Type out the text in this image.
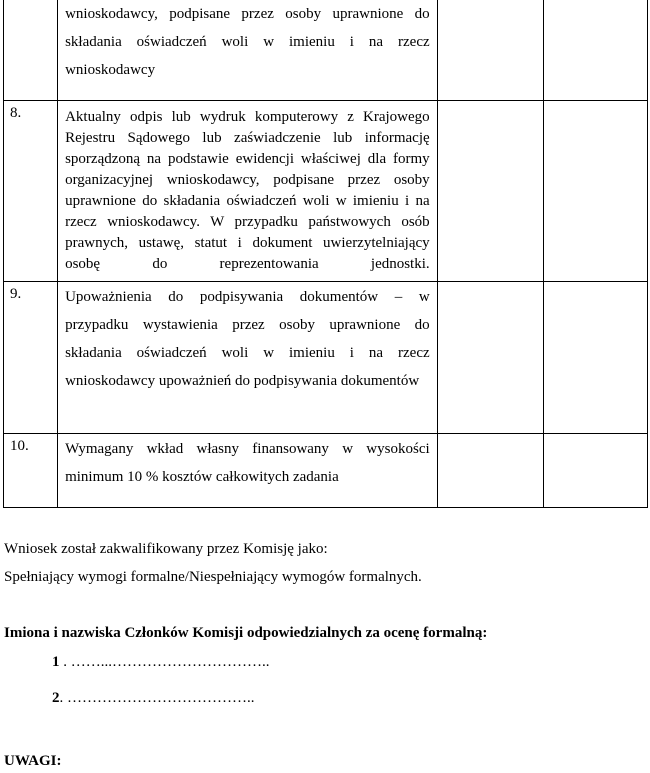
	wnioskodawcy, podpisane przez osoby uprawnione do składania oświadczeń woli w imieniu i na rzecz wnioskodawcy		

8.	Aktualny odpis lub wydruk komputerowy z Krajowego Rejestru Sądowego lub zaświadczenie lub informację sporządzoną na podstawie ewidencji właściwej dla formy organizacyjnej wnioskodawcy, podpisane przez osoby uprawnione do składania oświadczeń woli w imieniu i na rzecz wnioskodawcy. W przypadku państwowych osób prawnych, ustawę, statut i dokument uwierzytelniający osobę do reprezentowania jednostki.		

9.	Upoważnienia do podpisywania dokumentów – w przypadku wystawienia przez osoby uprawnione do składania oświadczeń woli w imieniu i na rzecz wnioskodawcy upoważnień do podpisywania dokumentów		

10.	Wymagany wkład własny finansowany w wysokości minimum 10 % kosztów całkowitych zadania		

Wniosek został zakwalifikowany przez Komisję jako:

Spełniający wymogi formalne/Niespełniający wymogów formalnych.

Imiona i nazwiska Członków Komisji odpowiedzialnych za ocenę formalną:

1 . ……...…………………………..
2. ………………………………..

UWAGI:
